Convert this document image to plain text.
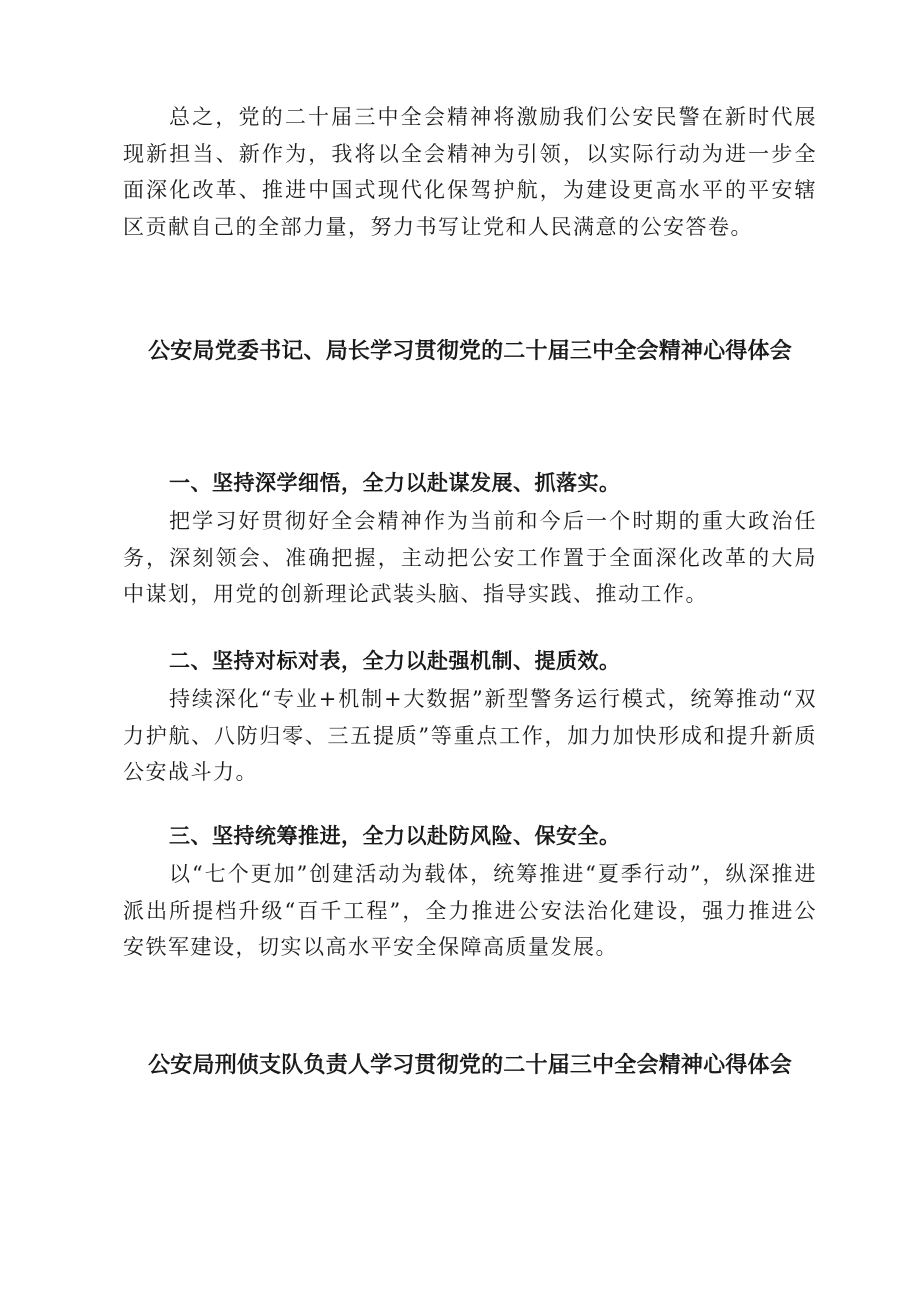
总之，党的二十届三中全会精神将激励我们公安民警在新时代展现新担当、新作为，我将以全会精神为引领，以实际行动为进一步全面深化改革、推进中国式现代化保驾护航，为建设更高水平的平安辖区贡献自己的全部力量，努力书写让党和人民满意的公安答卷。

公安局党委书记、局长学习贯彻党的二十届三中全会精神心得体会
一、坚持深学细悟，全力以赴谋发展、抓落实。

把学习好贯彻好全会精神作为当前和今后一个时期的重大政治任务，深刻领会、准确把握，主动把公安工作置于全面深化改革的大局中谋划，用党的创新理论武装头脑、指导实践、推动工作。

二、坚持对标对表，全力以赴强机制、提质效。

持续深化“专业+机制+大数据”新型警务运行模式，统筹推动“双力护航、八防归零、三五提质”等重点工作，加力加快形成和提升新质公安战斗力。

三、坚持统筹推进，全力以赴防风险、保安全。

以“七个更加”创建活动为载体，统筹推进“夏季行动”，纵深推进派出所提档升级“百千工程”，全力推进公安法治化建设，强力推进公安铁军建设，切实以高水平安全保障高质量发展。

公安局刑侦支队负责人学习贯彻党的二十届三中全会精神心得体会
